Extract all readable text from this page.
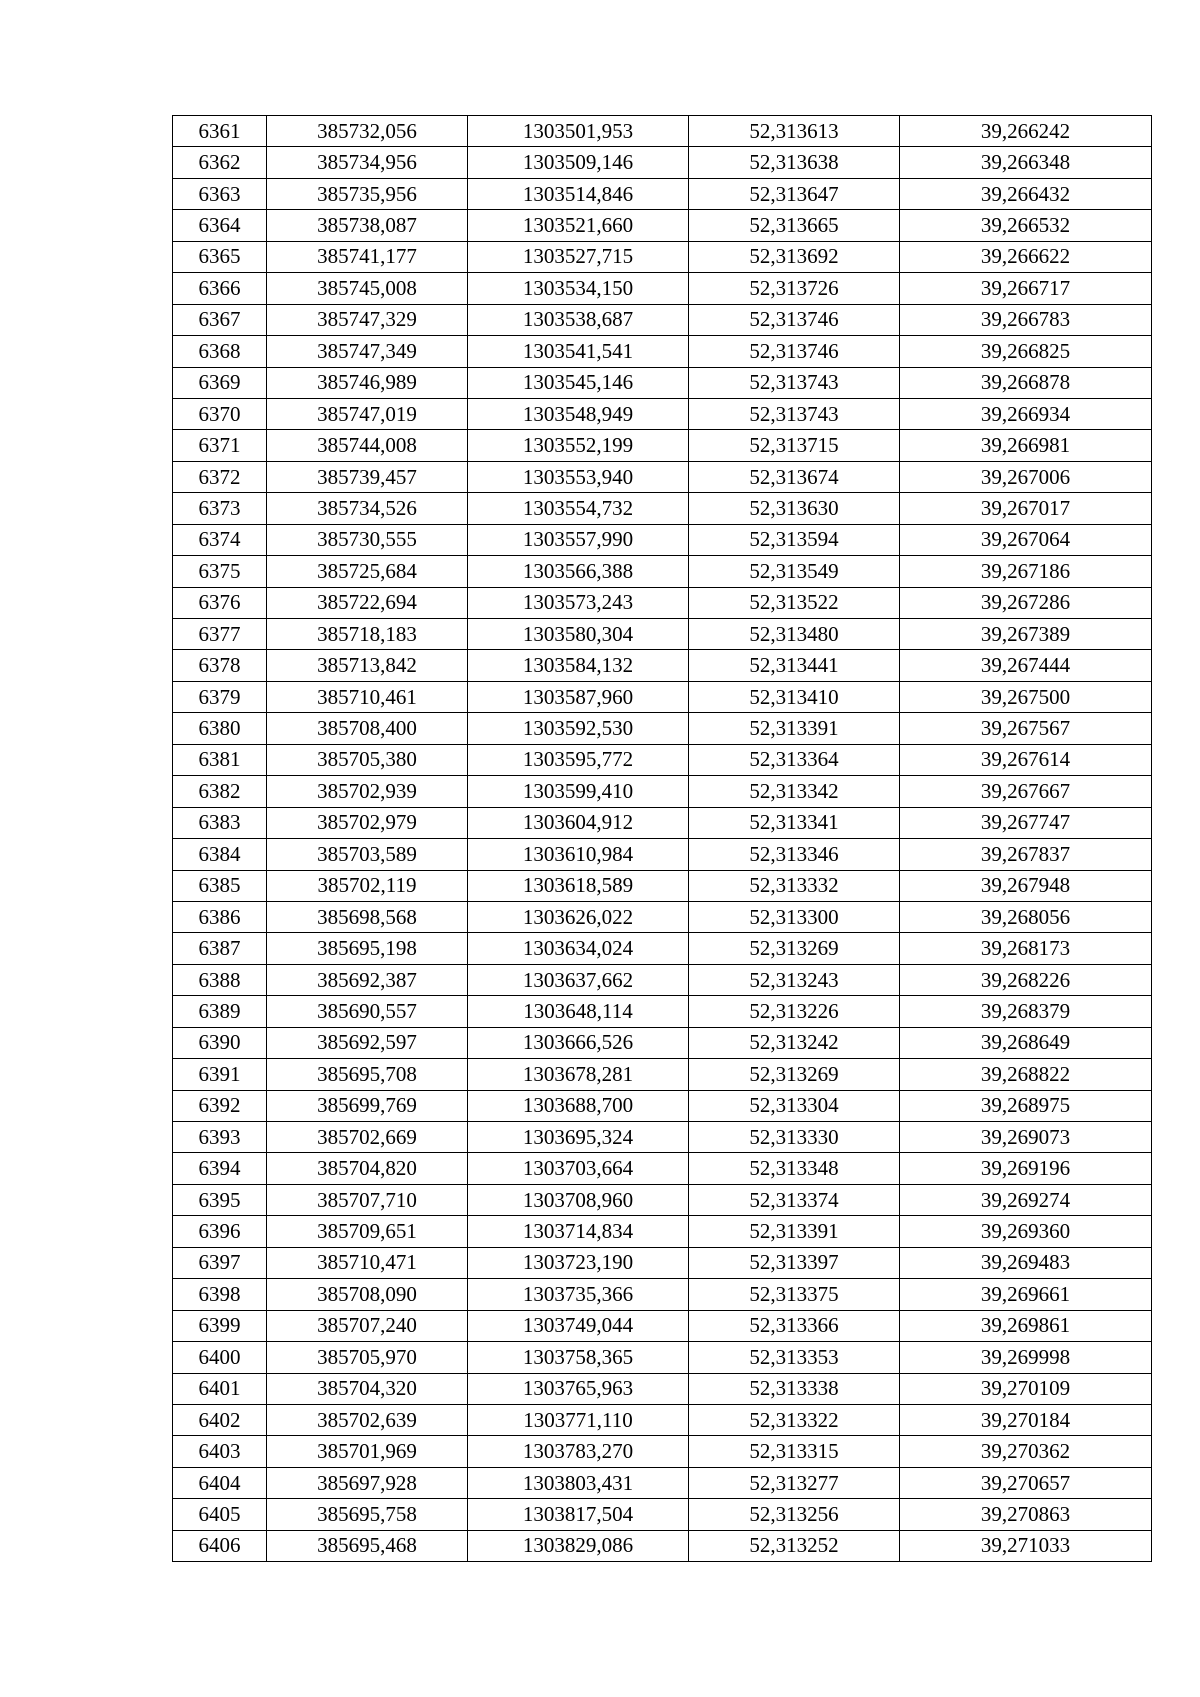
6361	385732,056	1303501,953	52,313613	39,266242
6362	385734,956	1303509,146	52,313638	39,266348
6363	385735,956	1303514,846	52,313647	39,266432
6364	385738,087	1303521,660	52,313665	39,266532
6365	385741,177	1303527,715	52,313692	39,266622
6366	385745,008	1303534,150	52,313726	39,266717
6367	385747,329	1303538,687	52,313746	39,266783
6368	385747,349	1303541,541	52,313746	39,266825
6369	385746,989	1303545,146	52,313743	39,266878
6370	385747,019	1303548,949	52,313743	39,266934
6371	385744,008	1303552,199	52,313715	39,266981
6372	385739,457	1303553,940	52,313674	39,267006
6373	385734,526	1303554,732	52,313630	39,267017
6374	385730,555	1303557,990	52,313594	39,267064
6375	385725,684	1303566,388	52,313549	39,267186
6376	385722,694	1303573,243	52,313522	39,267286
6377	385718,183	1303580,304	52,313480	39,267389
6378	385713,842	1303584,132	52,313441	39,267444
6379	385710,461	1303587,960	52,313410	39,267500
6380	385708,400	1303592,530	52,313391	39,267567
6381	385705,380	1303595,772	52,313364	39,267614
6382	385702,939	1303599,410	52,313342	39,267667
6383	385702,979	1303604,912	52,313341	39,267747
6384	385703,589	1303610,984	52,313346	39,267837
6385	385702,119	1303618,589	52,313332	39,267948
6386	385698,568	1303626,022	52,313300	39,268056
6387	385695,198	1303634,024	52,313269	39,268173
6388	385692,387	1303637,662	52,313243	39,268226
6389	385690,557	1303648,114	52,313226	39,268379
6390	385692,597	1303666,526	52,313242	39,268649
6391	385695,708	1303678,281	52,313269	39,268822
6392	385699,769	1303688,700	52,313304	39,268975
6393	385702,669	1303695,324	52,313330	39,269073
6394	385704,820	1303703,664	52,313348	39,269196
6395	385707,710	1303708,960	52,313374	39,269274
6396	385709,651	1303714,834	52,313391	39,269360
6397	385710,471	1303723,190	52,313397	39,269483
6398	385708,090	1303735,366	52,313375	39,269661
6399	385707,240	1303749,044	52,313366	39,269861
6400	385705,970	1303758,365	52,313353	39,269998
6401	385704,320	1303765,963	52,313338	39,270109
6402	385702,639	1303771,110	52,313322	39,270184
6403	385701,969	1303783,270	52,313315	39,270362
6404	385697,928	1303803,431	52,313277	39,270657
6405	385695,758	1303817,504	52,313256	39,270863
6406	385695,468	1303829,086	52,313252	39,271033
